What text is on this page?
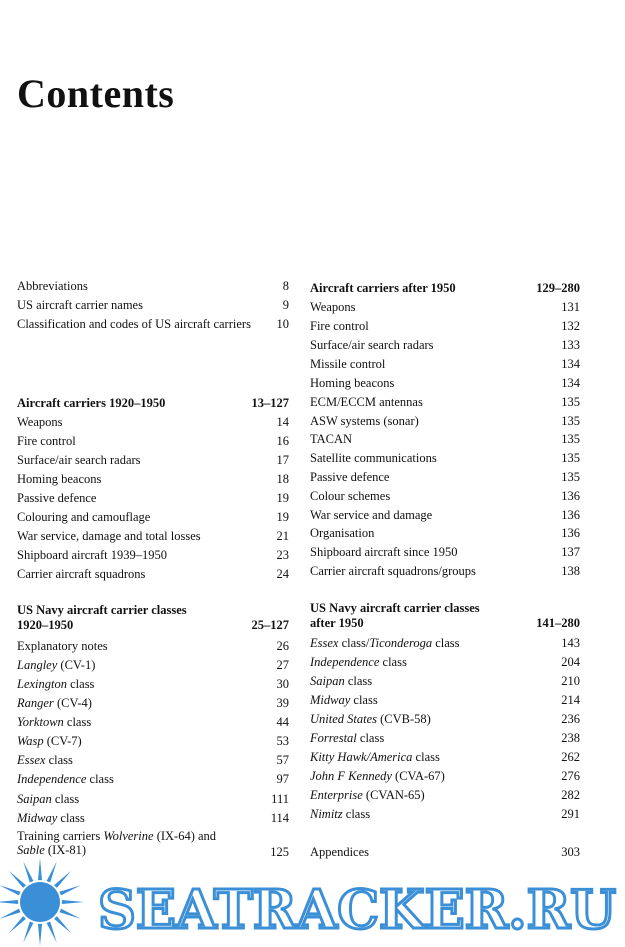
Contents
Abbreviations	8
US aircraft carrier names	9
Classification and codes of US aircraft carriers 10
Aircraft carriers 1920–1950	13–127
Weapons	14
Fire control	16
Surface/air search radars	17
Homing beacons	18
Passive defence	19
Colouring and camouflage	19
War service, damage and total losses	21
Shipboard aircraft 1939–1950	23
Carrier aircraft squadrons	24
US Navy aircraft carrier classes
1920–1950	25–127
Explanatory notes	26
Langley (CV-1)	27
Lexington class	30
Ranger (CV-4)	39
Yorktown class	44
Wasp (CV-7)	53
Essex class	57
Independence class	97
Saipan class	111
Midway class	114
Training carriers Wolverine (IX-64) and
Sable (IX-81)	125
Aircraft carriers after 1950	129–280
Weapons	131
Fire control	132
Surface/air search radars	133
Missile control	134
Homing beacons	134
ECM/ECCM antennas	135
ASW systems (sonar)	135
TACAN	135
Satellite communications	135
Passive defence	135
Colour schemes	136
War service and damage	136
Organisation	136
Shipboard aircraft since 1950	137
Carrier aircraft squadrons/groups	138
US Navy aircraft carrier classes
after 1950	141–280
Essex class/Ticonderoga class	143
Independence class	204
Saipan class	210
Midway class	214
United States (CVB-58)	236
Forrestal class	238
Kitty Hawk/America class	262
John F Kennedy (CVA-67)	276
Enterprise (CVAN-65)	282
Nimitz class	291
Appendices	303
SEATRACKER.RU
